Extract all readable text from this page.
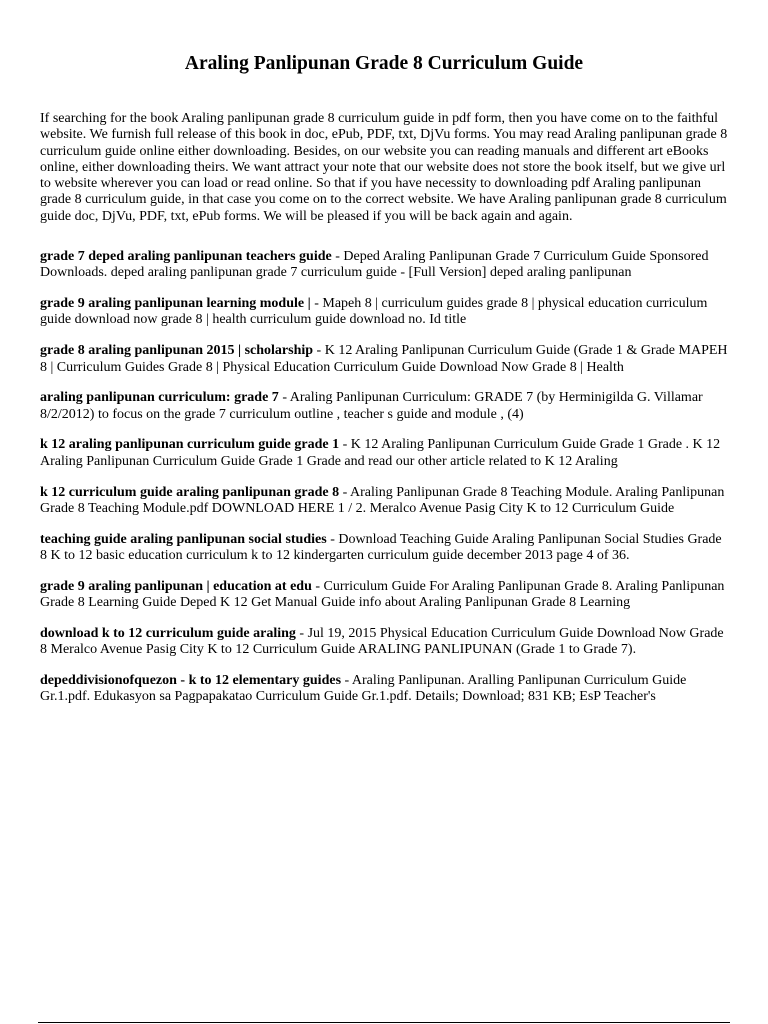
Araling Panlipunan Grade 8 Curriculum Guide

If searching for the book Araling panlipunan grade 8 curriculum guide in pdf form, then you have come on to the faithful website. We furnish full release of this book in doc, ePub, PDF, txt, DjVu forms. You may read Araling panlipunan grade 8 curriculum guide online either downloading. Besides, on our website you can reading manuals and different art eBooks online, either downloading theirs. We want attract your note that our website does not store the book itself, but we give url to website wherever you can load or read online. So that if you have necessity to downloading pdf Araling panlipunan grade 8 curriculum guide, in that case you come on to the correct website. We have Araling panlipunan grade 8 curriculum guide doc, DjVu, PDF, txt, ePub forms. We will be pleased if you will be back again and again.

grade 7 deped araling panlipunan teachers guide - Deped Araling Panlipunan Grade 7 Curriculum Guide Sponsored Downloads. deped araling panlipunan grade 7 curriculum guide - [Full Version] deped araling panlipunan

grade 9 araling panlipunan learning module | - Mapeh 8 | curriculum guides grade 8 | physical education curriculum guide download now grade 8 | health curriculum guide download no. Id title

grade 8 araling panlipunan 2015 | scholarship - K 12 Araling Panlipunan Curriculum Guide (Grade 1 & Grade MAPEH 8 | Curriculum Guides Grade 8 | Physical Education Curriculum Guide Download Now Grade 8 | Health

araling panlipunan curriculum: grade 7 - Araling Panlipunan Curriculum: GRADE 7 (by Herminigilda G. Villamar 8/2/2012) to focus on the grade 7 curriculum outline , teacher s guide and module , (4)

k 12 araling panlipunan curriculum guide grade 1 - K 12 Araling Panlipunan Curriculum Guide Grade 1 Grade . K 12 Araling Panlipunan Curriculum Guide Grade 1 Grade and read our other article related to K 12 Araling

k 12 curriculum guide araling panlipunan grade 8 - Araling Panlipunan Grade 8 Teaching Module. Araling Panlipunan Grade 8 Teaching Module.pdf DOWNLOAD HERE 1 / 2. Meralco Avenue Pasig City K to 12 Curriculum Guide

teaching guide araling panlipunan social studies - Download Teaching Guide Araling Panlipunan Social Studies Grade 8 K to 12 basic education curriculum k to 12 kindergarten curriculum guide december 2013 page 4 of 36.

grade 9 araling panlipunan | education at edu - Curriculum Guide For Araling Panlipunan Grade 8. Araling Panlipunan Grade 8 Learning Guide Deped K 12 Get Manual Guide info about Araling Panlipunan Grade 8 Learning

download k to 12 curriculum guide araling - Jul 19, 2015 Physical Education Curriculum Guide Download Now Grade 8 Meralco Avenue Pasig City K to 12 Curriculum Guide ARALING PANLIPUNAN (Grade 1 to Grade 7).

depeddivisionofquezon - k to 12 elementary guides - Araling Panlipunan. Aralling Panlipunan Curriculum Guide Gr.1.pdf. Edukasyon sa Pagpapakatao Curriculum Guide Gr.1.pdf. Details; Download; 831 KB; EsP Teacher's
